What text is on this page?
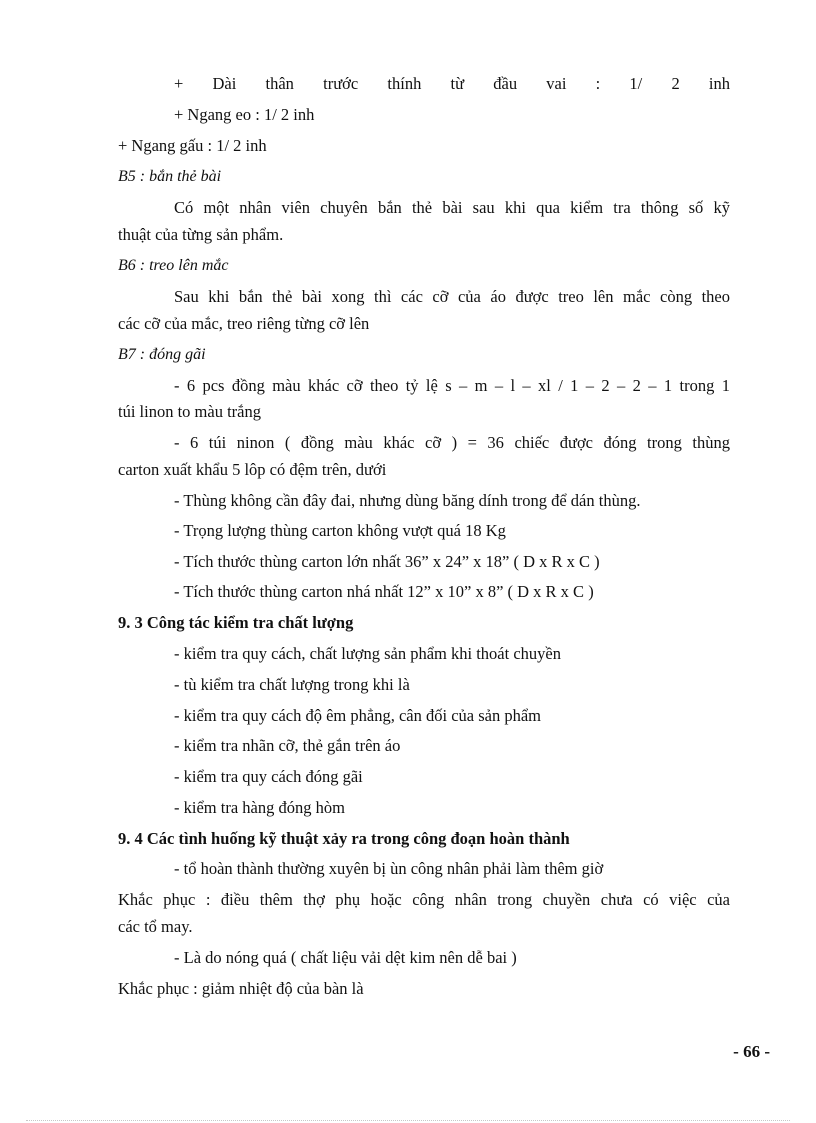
+ Dài thân trước thính từ đầu vai : 1/ 2 inh
+ Ngang eo : 1/ 2 inh
+ Ngang gấu : 1/ 2 inh
B5 : bắn thẻ bài
Có một nhân viên chuyên bắn thẻ bài sau khi qua kiểm tra thông số kỹ
thuật của từng sản phẩm.
B6 : treo lên mắc
Sau khi bắn thẻ bài xong thì các cỡ của áo được treo lên mắc còng theo
các cỡ của mắc, treo riêng từng cỡ lên
B7 : đóng gãi
- 6 pcs đồng màu khác cỡ theo tỷ lệ s – m – l – xl / 1 – 2 – 2 – 1 trong 1
túi linon to màu trắng
- 6 túi ninon ( đồng màu khác cỡ ) = 36 chiếc được đóng trong thùng
carton xuất khẩu 5 lôp có đệm trên, dưới
- Thùng không cần đây đai, nhưng dùng băng dính trong để dán thùng.
- Trọng lượng thùng carton không vượt quá 18 Kg
- Tích thước thùng carton lớn nhất 36” x 24” x 18” ( D x R x C )
- Tích thước thùng carton nhá nhất 12” x 10” x 8” ( D x R x C )
9. 3 Công tác kiểm tra chất lượng
- kiểm tra quy cách, chất lượng sản phẩm khi thoát chuyền
- tù kiểm tra chất lượng trong khi là
- kiểm tra quy cách độ êm phẳng, cân đối của sản phẩm
- kiểm tra nhãn cỡ, thẻ gắn trên áo
- kiểm tra quy cách đóng gãi
- kiểm tra hàng đóng hòm
9. 4 Các tình huống kỹ thuật xảy ra trong công đoạn hoàn thành
- tổ hoàn thành thường xuyên bị ùn công nhân phải làm thêm giờ
Khắc phục : điều thêm thợ phụ hoặc công nhân trong chuyền chưa có việc của
các tổ may.
- Là do nóng quá ( chất liệu vải dệt kim nên dễ bai )
Khắc phục : giảm nhiệt độ của bàn là
- 66 -
